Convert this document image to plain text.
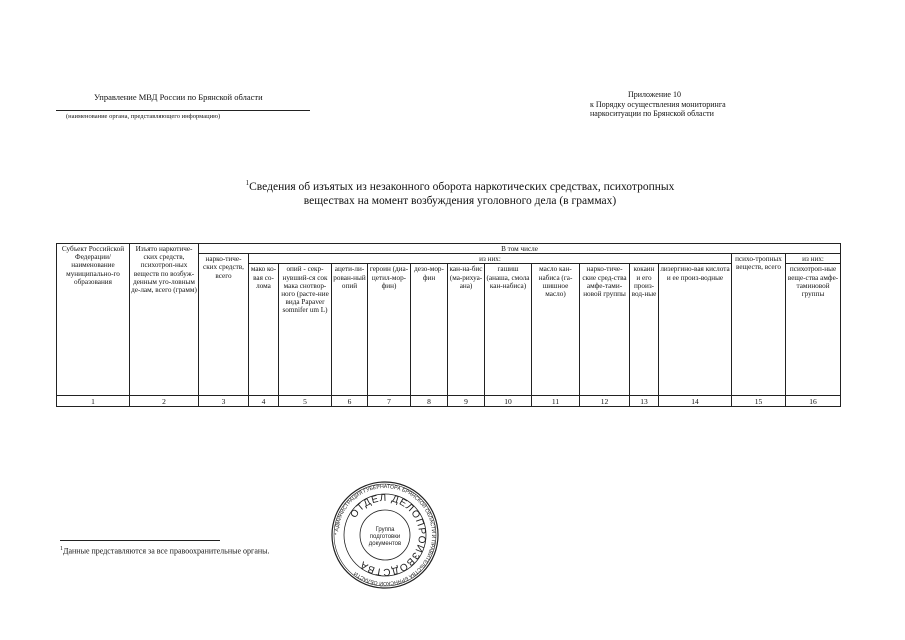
Управление МВД России по Брянской области
(наименование органа, представляющего информацию)
Приложение 10
к Порядку осуществления мониторинга
наркоситуации по Брянской области
$^1$Сведения об изъятых из незаконного оборота наркотических средствах, психотропных
веществах на момент возбуждения уголовного дела (в граммах)
Субъект Российской Федерации/ наименование муниципально-го образования	Изъято наркотиче-ских средств, психотроп-ных веществ по возбуж-денным уго-ловным де-лам, всего (грамм)	В том числе													
		нарко-тиче-ских средств, всего	из них:											психо-тропных веществ, всего	из них:
			мако ко-вая со-лома	опий - секр-нувший-ся сок мака снотвор-ного (расте-ние вида Papaver somnifer um L)	ацети-ли-рован-ный опий	героин (диа-цетил-мор-фин)	дезо-мор-фин	кан-нa-бис (ма-рихуа-ана)	гашиш (анаша, смола кан-набиса)	масло кан-набиса (га-шишное масло)	нарко-тиче-ские сред-ства амфе-тами-новой группы	кокаин и его произ-вод-ные	лизергино-вая кислота и ее произ-водные		психотроп-ные веще-ства амфе-таминовой группы
1	2	3	4	5	6	7	8	9	10	11	12	13	14	15	16
$^1$Данные представляются за все правоохранительные органы.
* АДМИНИСТРАЦИЯ ГУБЕРНАТОРА БРЯНСКОЙ ОБЛАСТИ И ПРАВИТЕЛЬСТВА БРЯНСКОЙ ОБЛАСТИ
ОТДЕЛ ДЕЛОПРОИЗВОДСТВА
Группа
подготовки
документов
